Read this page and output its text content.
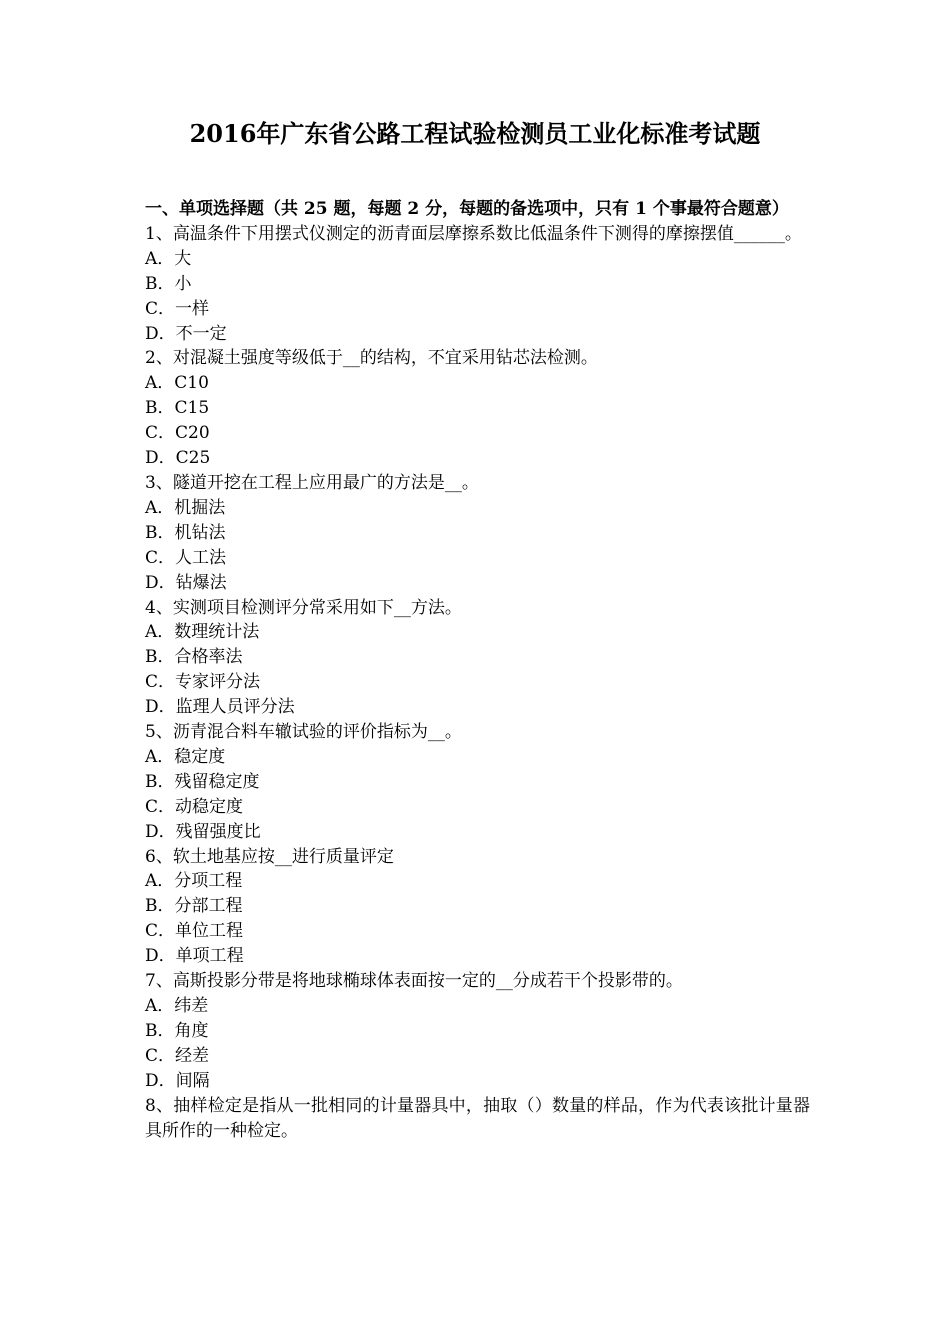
2016年广东省公路工程试验检测员工业化标准考试题
一、单项选择题（共 25 题，每题 2 分，每题的备选项中，只有 1 个事最符合题意）
1、高温条件下用摆式仪测定的沥青面层摩擦系数比低温条件下测得的摩擦摆值______。
A．大
B．小
C．一样
D．不一定
2、对混凝土强度等级低于__的结构，不宜采用钻芯法检测。
A．C10
B．C15
C．C20
D．C25
3、隧道开挖在工程上应用最广的方法是__。
A．机掘法
B．机钻法
C．人工法
D．钻爆法
4、实测项目检测评分常采用如下__方法。
A．数理统计法
B．合格率法
C．专家评分法
D．监理人员评分法
5、沥青混合料车辙试验的评价指标为__。
A．稳定度
B．残留稳定度
C．动稳定度
D．残留强度比
6、软土地基应按__进行质量评定
A．分项工程
B．分部工程
C．单位工程
D．单项工程
7、高斯投影分带是将地球椭球体表面按一定的__分成若干个投影带的。
A．纬差
B．角度
C．经差
D．间隔
8、抽样检定是指从一批相同的计量器具中，抽取（）数量的样品，作为代表该批计量器具所作的一种检定。
